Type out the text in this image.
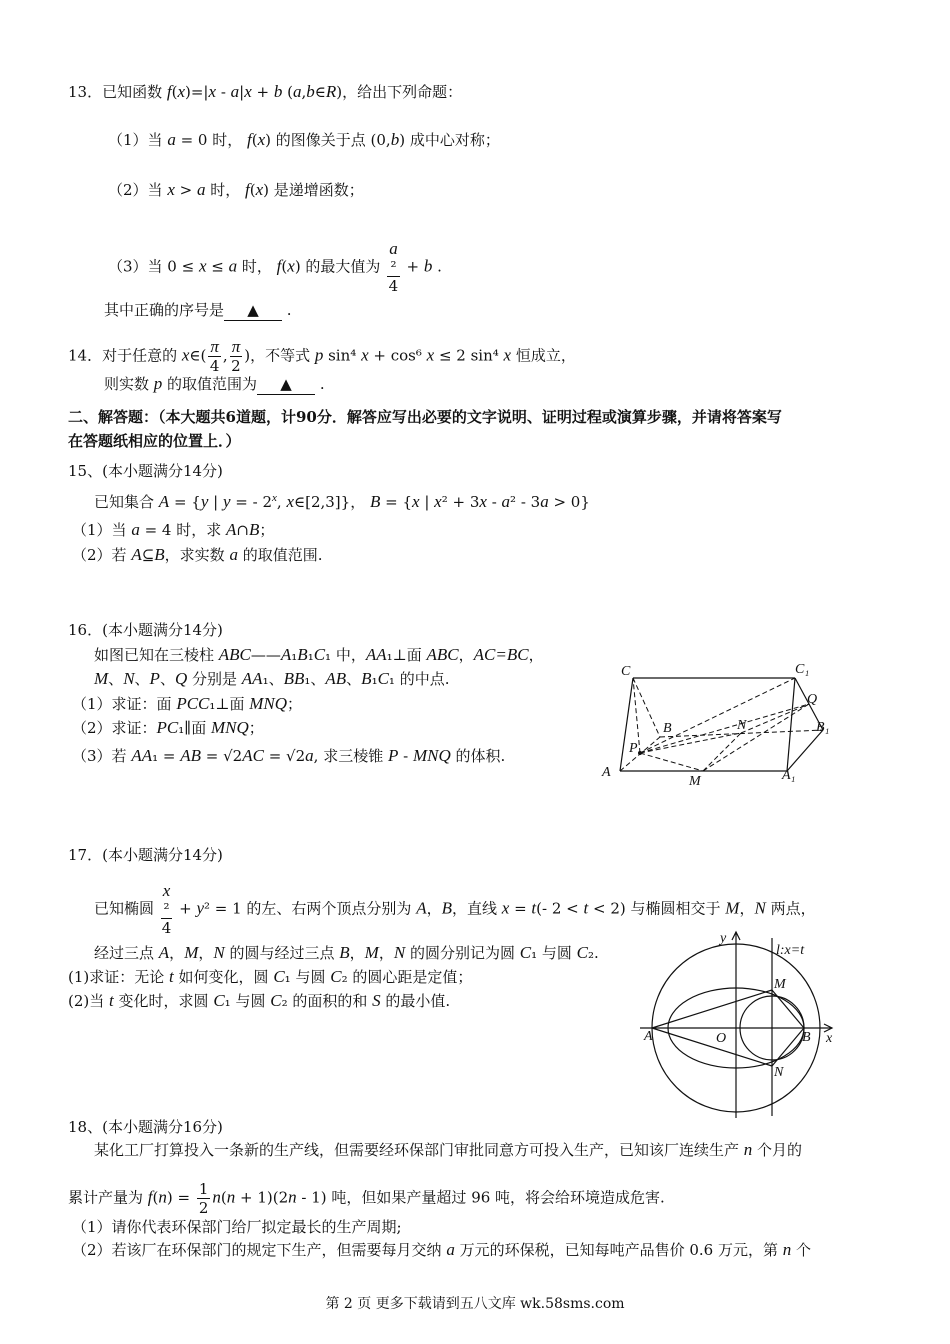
13．已知函数 f(x)=|x - a|x + b (a,b∈R)，给出下列命题：
（1）当 a = 0 时， f(x) 的图像关于点 (0,b) 成中心对称；
（2）当 x > a 时， f(x) 是递增函数；
（3）当 0 ≤ x ≤ a 时， f(x) 的最大值为 a
²
4 + b .
其中正确的序号是 ▲ .
14．对于任意的 x∈( $\frac{\pi}{4}$ , $\frac{\pi}{2}$ )，不等式 p sin⁴ x + cos⁶ x ≤ 2 sin⁴ x 恒成立，
则实数 p 的取值范围为 ▲ .
二、解答题：（本大题共6道题，计90分．解答应写出必要的文字说明、证明过程或演算步骤，并请将答案写
在答题纸相应的位置上．）
15、(本小题满分14分)
已知集合 A = {y | y = - 2$^x$, x∈[2,3]}， B = {x | x² + 3x - a² - 3a > 0}
（1）当 a = 4 时，求 A∩B；
（2）若 A⊆B，求实数 a 的取值范围.
16．(本小题满分14分)
如图已知在三棱柱 ABC——A₁B₁C₁ 中，AA₁⊥面 ABC，AC=BC，
M、N、P、Q 分别是 AA₁、BB₁、AB、B₁C₁ 的中点.
（1）求证：面 PCC₁⊥面 MNQ；
（2）求证：PC₁∥面 MNQ；
（3）若 AA₁ = AB = √2AC = √2a, 求三棱锥 P - MNQ 的体积.
C	C₁
Q
B	N	B₁
P
A
M	A₁
17．(本小题满分14分)
已知椭圆 x
²
4 + y² = 1 的左、右两个顶点分别为 A，B，直线 x = t(- 2 < t < 2) 与椭圆相交于 M，N 两点，
经过三点 A，M，N 的圆与经过三点 B，M，N 的圆分别记为圆 C₁ 与圆 C₂.
(1)求证：无论 t 如何变化，圆 C₁ 与圆 C₂ 的圆心距是定值；
(2)当 t 变化时，求圆 C₁ 与圆 C₂ 的面积的和 S 的最小值.
y
l:x=t
M
A	O	B x
N
18、(本小题满分16分)
某化工厂打算投入一条新的生产线，但需要经环保部门审批同意方可投入生产，已知该厂连续生产 n 个月的
累计产量为 $f(n) = \frac{1}{2} n(n + 1)(2n - 1)$ 吨，但如果产量超过 96 吨，将会给环境造成危害.
（1）请你代表环保部门给厂拟定最长的生产周期;
（2）若该厂在环保部门的规定下生产，但需要每月交纳 a 万元的环保税，已知每吨产品售价 0.6 万元，第 n 个
第 2 页 更多下载请到五八文库 wk.58sms.com
